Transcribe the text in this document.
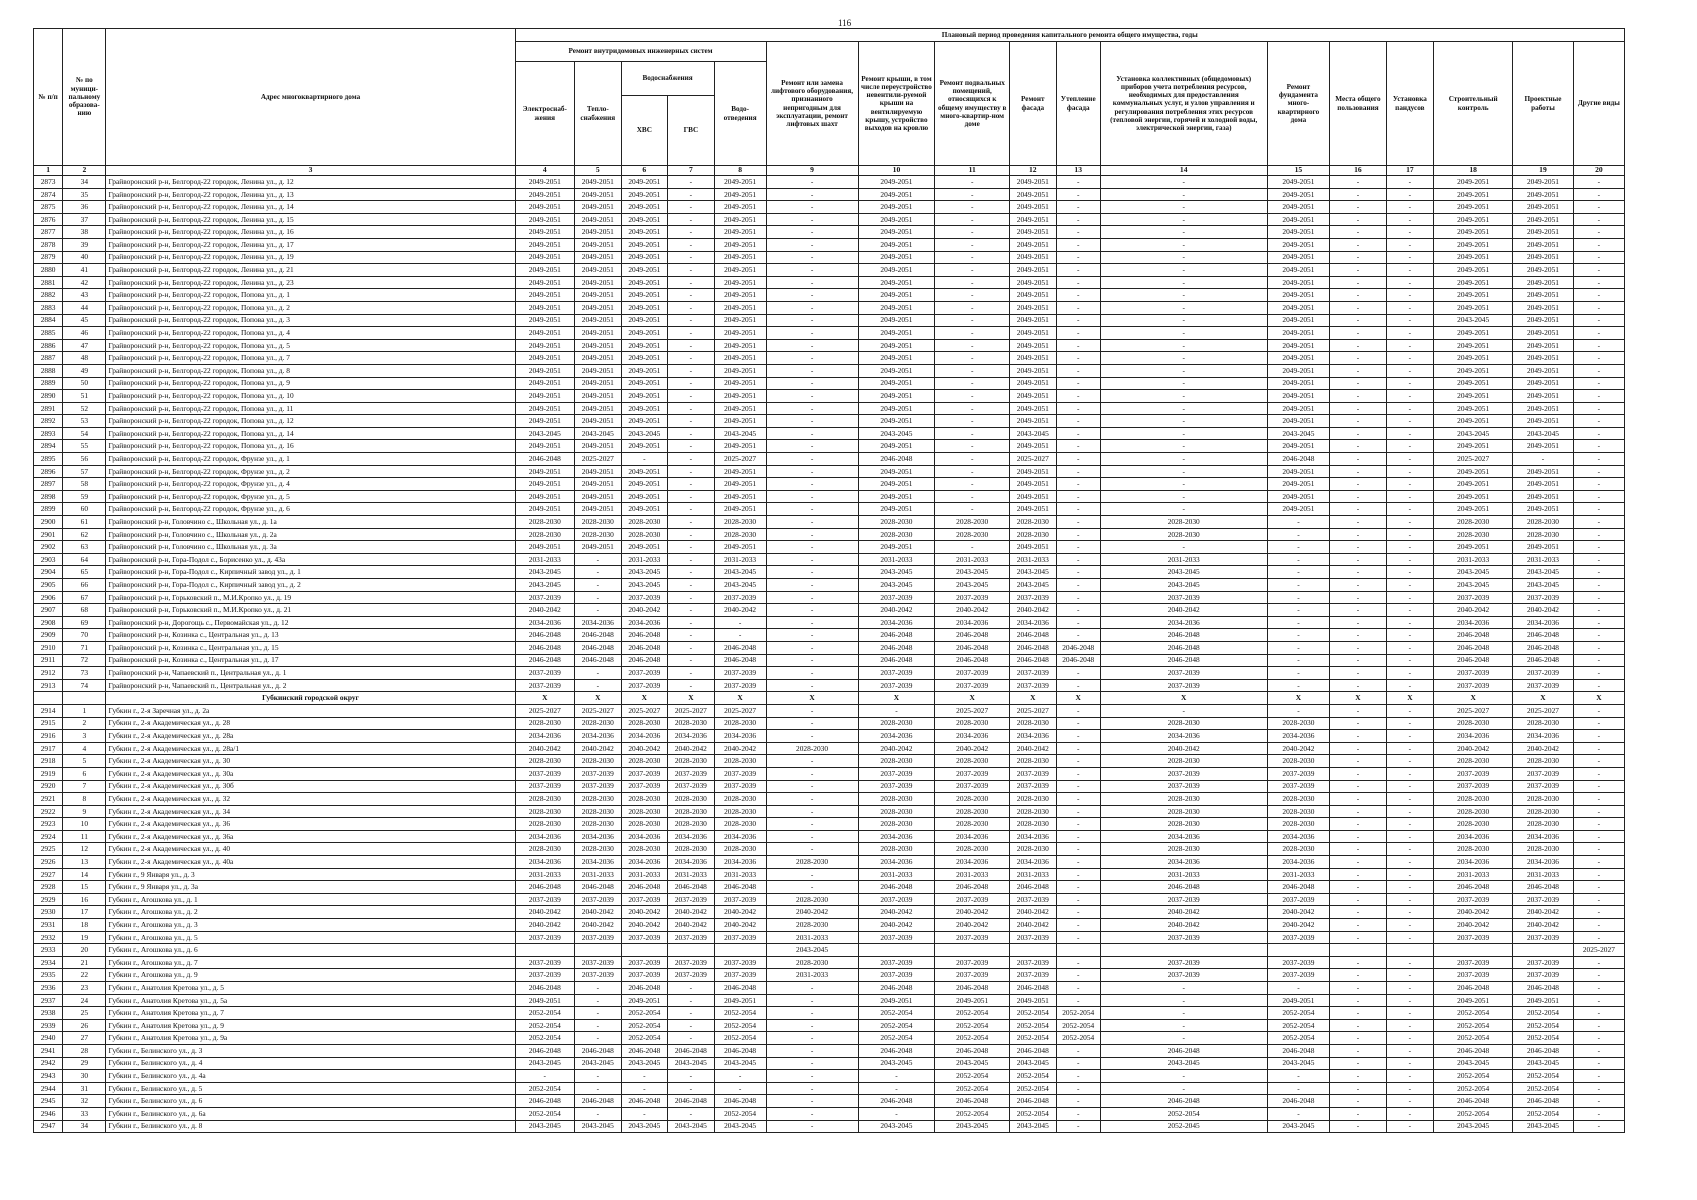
116
№ п/п	№ по муници-пальному образова-нию	Адрес многоквартирного дома	Плановый период проведения капитального ремонта общего имущества, годы																
			Ремонт внутридомовых инженерных систем					Ремонт или замена лифтового оборудования, признанного непригодным для эксплуатации, ремонт лифтовых шахт	Ремонт крыши, в том числе переустройство невентили-руемой крыши на вентилируемую крышу, устройство выходов на кровлю	Ремонт подвальных помещений, относящихся к общему имуществу в много-квартир-ном доме	Ремонт фасада	Утепление фасада	Установка коллективных (общедомовых) приборов учета потребления ресурсов, необходимых для предоставления коммунальных услуг, и узлов управления и регулирования потребления этих ресурсов (тепловой энергии, горячей и холодной воды, электрической энергии, газа)	Ремонт фундамента много-квартирного дома	Места общего пользования	Установка пандусов	Строительный контроль	Проектные работы	Другие виды
			Электроснаб-жения	Тепло-снабжения	Водоснабжения		Водо-отведения												
					ХВС	ГВС													
1	2	3	4	5	6	7	8	9	10	11	12	13	14	15	16	17	18	19	20
2873	34	Грайворонский р-н, Белгород-22 городок, Ленина ул., д. 12	2049-2051	2049-2051	2049-2051	-	2049-2051	-	2049-2051	-	2049-2051	-	-	2049-2051	-	-	2049-2051	2049-2051	-
2874	35	Грайворонский р-н, Белгород-22 городок, Ленина ул., д. 13	2049-2051	2049-2051	2049-2051	-	2049-2051	-	2049-2051	-	2049-2051	-	-	2049-2051	-	-	2049-2051	2049-2051	-
2875	36	Грайворонский р-н, Белгород-22 городок, Ленина ул., д. 14	2049-2051	2049-2051	2049-2051	-	2049-2051	-	2049-2051	-	2049-2051	-	-	2049-2051	-	-	2049-2051	2049-2051	-
2876	37	Грайворонский р-н, Белгород-22 городок, Ленина ул., д. 15	2049-2051	2049-2051	2049-2051	-	2049-2051	-	2049-2051	-	2049-2051	-	-	2049-2051	-	-	2049-2051	2049-2051	-
2877	38	Грайворонский р-н, Белгород-22 городок, Ленина ул., д. 16	2049-2051	2049-2051	2049-2051	-	2049-2051	-	2049-2051	-	2049-2051	-	-	2049-2051	-	-	2049-2051	2049-2051	-
2878	39	Грайворонский р-н, Белгород-22 городок, Ленина ул., д. 17	2049-2051	2049-2051	2049-2051	-	2049-2051	-	2049-2051	-	2049-2051	-	-	2049-2051	-	-	2049-2051	2049-2051	-
2879	40	Грайворонский р-н, Белгород-22 городок, Ленина ул., д. 19	2049-2051	2049-2051	2049-2051	-	2049-2051	-	2049-2051	-	2049-2051	-	-	2049-2051	-	-	2049-2051	2049-2051	-
2880	41	Грайворонский р-н, Белгород-22 городок, Ленина ул., д. 21	2049-2051	2049-2051	2049-2051	-	2049-2051	-	2049-2051	-	2049-2051	-	-	2049-2051	-	-	2049-2051	2049-2051	-
2881	42	Грайворонский р-н, Белгород-22 городок, Ленина ул., д. 23	2049-2051	2049-2051	2049-2051	-	2049-2051	-	2049-2051	-	2049-2051	-	-	2049-2051	-	-	2049-2051	2049-2051	-
2882	43	Грайворонский р-н, Белгород-22 городок, Попова ул., д. 1	2049-2051	2049-2051	2049-2051	-	2049-2051	-	2049-2051	-	2049-2051	-	-	2049-2051	-	-	2049-2051	2049-2051	-
2883	44	Грайворонский р-н, Белгород-22 городок, Попова ул., д. 2	2049-2051	2049-2051	2049-2051	-	2049-2051	-	2049-2051	-	2049-2051	-	-	2049-2051	-	-	2049-2051	2049-2051	-
2884	45	Грайворонский р-н, Белгород-22 городок, Попова ул., д. 3	2049-2051	2049-2051	2049-2051	-	2049-2051	-	2049-2051	-	2049-2051	-	-	2049-2051	-	-	2043-2045	2049-2051	-
2885	46	Грайворонский р-н, Белгород-22 городок, Попова ул., д. 4	2049-2051	2049-2051	2049-2051	-	2049-2051	-	2049-2051	-	2049-2051	-	-	2049-2051	-	-	2049-2051	2049-2051	-
2886	47	Грайворонский р-н, Белгород-22 городок, Попова ул., д. 5	2049-2051	2049-2051	2049-2051	-	2049-2051	-	2049-2051	-	2049-2051	-	-	2049-2051	-	-	2049-2051	2049-2051	-
2887	48	Грайворонский р-н, Белгород-22 городок, Попова ул., д. 7	2049-2051	2049-2051	2049-2051	-	2049-2051	-	2049-2051	-	2049-2051	-	-	2049-2051	-	-	2049-2051	2049-2051	-
2888	49	Грайворонский р-н, Белгород-22 городок, Попова ул., д. 8	2049-2051	2049-2051	2049-2051	-	2049-2051	-	2049-2051	-	2049-2051	-	-	2049-2051	-	-	2049-2051	2049-2051	-
2889	50	Грайворонский р-н, Белгород-22 городок, Попова ул., д. 9	2049-2051	2049-2051	2049-2051	-	2049-2051	-	2049-2051	-	2049-2051	-	-	2049-2051	-	-	2049-2051	2049-2051	-
2890	51	Грайворонский р-н, Белгород-22 городок, Попова ул., д. 10	2049-2051	2049-2051	2049-2051	-	2049-2051	-	2049-2051	-	2049-2051	-	-	2049-2051	-	-	2049-2051	2049-2051	-
2891	52	Грайворонский р-н, Белгород-22 городок, Попова ул., д. 11	2049-2051	2049-2051	2049-2051	-	2049-2051	-	2049-2051	-	2049-2051	-	-	2049-2051	-	-	2049-2051	2049-2051	-
2892	53	Грайворонский р-н, Белгород-22 городок, Попова ул., д. 12	2049-2051	2049-2051	2049-2051	-	2049-2051	-	2049-2051	-	2049-2051	-	-	2049-2051	-	-	2049-2051	2049-2051	-
2893	54	Грайворонский р-н, Белгород-22 городок, Попова ул., д. 14	2043-2045	2043-2045	2043-2045	-	2043-2045	-	2043-2045	-	2043-2045	-	-	2043-2045	-	-	2043-2045	2043-2045	-
2894	55	Грайворонский р-н, Белгород-22 городок, Попова ул., д. 16	2049-2051	2049-2051	2049-2051	-	2049-2051	-	2049-2051	-	2049-2051	-	-	2049-2051	-	-	2049-2051	2049-2051	-
2895	56	Грайворонский р-н, Белгород-22 городок, Фрунзе ул., д. 1	2046-2048	2025-2027	-	-	2025-2027	-	2046-2048	-	2025-2027	-	-	2046-2048	-	-	2025-2027	-	-
2896	57	Грайворонский р-н, Белгород-22 городок, Фрунзе ул., д. 2	2049-2051	2049-2051	2049-2051	-	2049-2051	-	2049-2051	-	2049-2051	-	-	2049-2051	-	-	2049-2051	2049-2051	-
2897	58	Грайворонский р-н, Белгород-22 городок, Фрунзе ул., д. 4	2049-2051	2049-2051	2049-2051	-	2049-2051	-	2049-2051	-	2049-2051	-	-	2049-2051	-	-	2049-2051	2049-2051	-
2898	59	Грайворонский р-н, Белгород-22 городок, Фрунзе ул., д. 5	2049-2051	2049-2051	2049-2051	-	2049-2051	-	2049-2051	-	2049-2051	-	-	2049-2051	-	-	2049-2051	2049-2051	-
2899	60	Грайворонский р-н, Белгород-22 городок, Фрунзе ул., д. 6	2049-2051	2049-2051	2049-2051	-	2049-2051	-	2049-2051	-	2049-2051	-	-	2049-2051	-	-	2049-2051	2049-2051	-
2900	61	Грайворонский р-н, Головчино с., Школьная ул., д. 1а	2028-2030	2028-2030	2028-2030	-	2028-2030	-	2028-2030	2028-2030	2028-2030	-	2028-2030	-	-	-	2028-2030	2028-2030	-
2901	62	Грайворонский р-н, Головчино с., Школьная ул., д. 2а	2028-2030	2028-2030	2028-2030	-	2028-2030	-	2028-2030	2028-2030	2028-2030	-	2028-2030	-	-	-	2028-2030	2028-2030	-
2902	63	Грайворонский р-н, Головчино с., Школьная ул., д. 3а	2049-2051	2049-2051	2049-2051	-	2049-2051	-	2049-2051	-	2049-2051	-	-	-	-	-	2049-2051	2049-2051	-
2903	64	Грайворонский р-н, Гора-Подол с., Борисенко ул., д. 43а	2031-2033	-	2031-2033	-	2031-2033	-	2031-2033	2031-2033	2031-2033	-	2031-2033	-	-	-	2031-2033	2031-2033	-
2904	65	Грайворонский р-н, Гора-Подол с., Кирпичный завод ул., д. 1	2043-2045	-	2043-2045	-	2043-2045	-	2043-2045	2043-2045	2043-2045	-	2043-2045	-	-	-	2043-2045	2043-2045	-
2905	66	Грайворонский р-н, Гора-Подол с., Кирпичный завод ул., д. 2	2043-2045	-	2043-2045	-	2043-2045	-	2043-2045	2043-2045	2043-2045	-	2043-2045	-	-	-	2043-2045	2043-2045	-
2906	67	Грайворонский р-н, Горьковский п., М.И.Кропко ул., д. 19	2037-2039	-	2037-2039	-	2037-2039	-	2037-2039	2037-2039	2037-2039	-	2037-2039	-	-	-	2037-2039	2037-2039	-
2907	68	Грайворонский р-н, Горьковский п., М.И.Кропко ул., д. 21	2040-2042	-	2040-2042	-	2040-2042	-	2040-2042	2040-2042	2040-2042	-	2040-2042	-	-	-	2040-2042	2040-2042	-
2908	69	Грайворонский р-н, Дорогощь с., Первомайская ул., д. 12	2034-2036	2034-2036	2034-2036	-	-	-	2034-2036	2034-2036	2034-2036	-	2034-2036	-	-	-	2034-2036	2034-2036	-
2909	70	Грайворонский р-н, Козинка с., Центральная ул., д. 13	2046-2048	2046-2048	2046-2048	-	-	-	2046-2048	2046-2048	2046-2048	-	2046-2048	-	-	-	2046-2048	2046-2048	-
2910	71	Грайворонский р-н, Козинка с., Центральная ул., д. 15	2046-2048	2046-2048	2046-2048	-	2046-2048	-	2046-2048	2046-2048	2046-2048	2046-2048	2046-2048	-	-	-	2046-2048	2046-2048	-
2911	72	Грайворонский р-н, Козинка с., Центральная ул., д. 17	2046-2048	2046-2048	2046-2048	-	2046-2048	-	2046-2048	2046-2048	2046-2048	2046-2048	2046-2048	-	-	-	2046-2048	2046-2048	-
2912	73	Грайворонский р-н, Чапаевский п., Центральная ул., д. 1	2037-2039	-	2037-2039	-	2037-2039	-	2037-2039	2037-2039	2037-2039	-	2037-2039	-	-	-	2037-2039	2037-2039	-
2913	74	Грайворонский р-н, Чапаевский п., Центральная ул., д. 2	2037-2039	-	2037-2039	-	2037-2039	-	2037-2039	2037-2039	2037-2039	-	2037-2039	-	-	-	2037-2039	2037-2039	-
		Губкинский городской округ	X	X	X	X	X	X	X	X	X	X	X	X	X	X	X	X	X
2914	1	Губкин г., 2-я Заречная ул., д. 2а	2025-2027	2025-2027	2025-2027	2025-2027	2025-2027	-	-	2025-2027	2025-2027	-	-	-	-	-	2025-2027	2025-2027	-
2915	2	Губкин г., 2-я Академическая ул., д. 28	2028-2030	2028-2030	2028-2030	2028-2030	2028-2030	-	2028-2030	2028-2030	2028-2030	-	2028-2030	2028-2030	-	-	2028-2030	2028-2030	-
2916	3	Губкин г., 2-я Академическая ул., д. 28а	2034-2036	2034-2036	2034-2036	2034-2036	2034-2036	-	2034-2036	2034-2036	2034-2036	-	2034-2036	2034-2036	-	-	2034-2036	2034-2036	-
2917	4	Губкин г., 2-я Академическая ул., д. 28а/1	2040-2042	2040-2042	2040-2042	2040-2042	2040-2042	2028-2030	2040-2042	2040-2042	2040-2042	-	2040-2042	2040-2042	-	-	2040-2042	2040-2042	-
2918	5	Губкин г., 2-я Академическая ул., д. 30	2028-2030	2028-2030	2028-2030	2028-2030	2028-2030	-	2028-2030	2028-2030	2028-2030	-	2028-2030	2028-2030	-	-	2028-2030	2028-2030	-
2919	6	Губкин г., 2-я Академическая ул., д. 30а	2037-2039	2037-2039	2037-2039	2037-2039	2037-2039	-	2037-2039	2037-2039	2037-2039	-	2037-2039	2037-2039	-	-	2037-2039	2037-2039	-
2920	7	Губкин г., 2-я Академическая ул., д. 30б	2037-2039	2037-2039	2037-2039	2037-2039	2037-2039	-	2037-2039	2037-2039	2037-2039	-	2037-2039	2037-2039	-	-	2037-2039	2037-2039	-
2921	8	Губкин г., 2-я Академическая ул., д. 32	2028-2030	2028-2030	2028-2030	2028-2030	2028-2030	-	2028-2030	2028-2030	2028-2030	-	2028-2030	2028-2030	-	-	2028-2030	2028-2030	-
2922	9	Губкин г., 2-я Академическая ул., д. 34	2028-2030	2028-2030	2028-2030	2028-2030	2028-2030	-	2028-2030	2028-2030	2028-2030	-	2028-2030	2028-2030	-	-	2028-2030	2028-2030	-
2923	10	Губкин г., 2-я Академическая ул., д. 36	2028-2030	2028-2030	2028-2030	2028-2030	2028-2030	-	2028-2030	2028-2030	2028-2030	-	2028-2030	2028-2030	-	-	2028-2030	2028-2030	-
2924	11	Губкин г., 2-я Академическая ул., д. 36а	2034-2036	2034-2036	2034-2036	2034-2036	2034-2036	-	2034-2036	2034-2036	2034-2036	-	2034-2036	2034-2036	-	-	2034-2036	2034-2036	-
2925	12	Губкин г., 2-я Академическая ул., д. 40	2028-2030	2028-2030	2028-2030	2028-2030	2028-2030	-	2028-2030	2028-2030	2028-2030	-	2028-2030	2028-2030	-	-	2028-2030	2028-2030	-
2926	13	Губкин г., 2-я Академическая ул., д. 40а	2034-2036	2034-2036	2034-2036	2034-2036	2034-2036	2028-2030	2034-2036	2034-2036	2034-2036	-	2034-2036	2034-2036	-	-	2034-2036	2034-2036	-
2927	14	Губкин г., 9 Января ул., д. 3	2031-2033	2031-2033	2031-2033	2031-2033	2031-2033	-	2031-2033	2031-2033	2031-2033	-	2031-2033	2031-2033	-	-	2031-2033	2031-2033	-
2928	15	Губкин г., 9 Января ул., д. 3а	2046-2048	2046-2048	2046-2048	2046-2048	2046-2048	-	2046-2048	2046-2048	2046-2048	-	2046-2048	2046-2048	-	-	2046-2048	2046-2048	-
2929	16	Губкин г., Агошкова ул., д. 1	2037-2039	2037-2039	2037-2039	2037-2039	2037-2039	2028-2030	2037-2039	2037-2039	2037-2039	-	2037-2039	2037-2039	-	-	2037-2039	2037-2039	-
2930	17	Губкин г., Агошкова ул., д. 2	2040-2042	2040-2042	2040-2042	2040-2042	2040-2042	2040-2042	2040-2042	2040-2042	2040-2042	-	2040-2042	2040-2042	-	-	2040-2042	2040-2042	-
2931	18	Губкин г., Агошкова ул., д. 3	2040-2042	2040-2042	2040-2042	2040-2042	2040-2042	2028-2030	2040-2042	2040-2042	2040-2042	-	2040-2042	2040-2042	-	-	2040-2042	2040-2042	-
2932	19	Губкин г., Агошкова ул., д. 5	2037-2039	2037-2039	2037-2039	2037-2039	2037-2039	2031-2033	2037-2039	2037-2039	2037-2039	-	2037-2039	2037-2039	-	-	2037-2039	2037-2039	-
2933	20	Губкин г., Агошкова ул., д. 6						2043-2045											2025-2027
2934	21	Губкин г., Агошкова ул., д. 7	2037-2039	2037-2039	2037-2039	2037-2039	2037-2039	2028-2030	2037-2039	2037-2039	2037-2039	-	2037-2039	2037-2039	-	-	2037-2039	2037-2039	-
2935	22	Губкин г., Агошкова ул., д. 9	2037-2039	2037-2039	2037-2039	2037-2039	2037-2039	2031-2033	2037-2039	2037-2039	2037-2039	-	2037-2039	2037-2039	-	-	2037-2039	2037-2039	-
2936	23	Губкин г., Анатолия Кретова ул., д. 5	2046-2048	-	2046-2048	-	2046-2048	-	2046-2048	2046-2048	2046-2048	-	-	-	-	-	2046-2048	2046-2048	-
2937	24	Губкин г., Анатолия Кретова ул., д. 5а	2049-2051	-	2049-2051	-	2049-2051	-	2049-2051	2049-2051	2049-2051	-	-	2049-2051	-	-	2049-2051	2049-2051	-
2938	25	Губкин г., Анатолия Кретова ул., д. 7	2052-2054	-	2052-2054	-	2052-2054	-	2052-2054	2052-2054	2052-2054	2052-2054	-	2052-2054	-	-	2052-2054	2052-2054	-
2939	26	Губкин г., Анатолия Кретова ул., д. 9	2052-2054	-	2052-2054	-	2052-2054	-	2052-2054	2052-2054	2052-2054	2052-2054	-	2052-2054	-	-	2052-2054	2052-2054	-
2940	27	Губкин г., Анатолия Кретова ул., д. 9а	2052-2054	-	2052-2054	-	2052-2054	-	2052-2054	2052-2054	2052-2054	2052-2054	-	2052-2054	-	-	2052-2054	2052-2054	-
2941	28	Губкин г., Белинского ул., д. 3	2046-2048	2046-2048	2046-2048	2046-2048	2046-2048	-	2046-2048	2046-2048	2046-2048	-	2046-2048	2046-2048	-	-	2046-2048	2046-2048	-
2942	29	Губкин г., Белинского ул., д. 4	2043-2045	2043-2045	2043-2045	2043-2045	2043-2045	-	2043-2045	2043-2045	2043-2045	-	2043-2045	2043-2045	-	-	2043-2045	2043-2045	-
2943	30	Губкин г., Белинского ул., д. 4а	-	-	-	-	-	-	-	2052-2054	2052-2054	-	-	-	-	-	2052-2054	2052-2054	-
2944	31	Губкин г., Белинского ул., д. 5	2052-2054	-	-	-	-	-	-	2052-2054	2052-2054	-	-	-	-	-	2052-2054	2052-2054	-
2945	32	Губкин г., Белинского ул., д. 6	2046-2048	2046-2048	2046-2048	2046-2048	2046-2048	-	2046-2048	2046-2048	2046-2048	-	2046-2048	2046-2048	-	-	2046-2048	2046-2048	-
2946	33	Губкин г., Белинского ул., д. 6а	2052-2054	-	-	-	2052-2054	-	-	2052-2054	2052-2054	-	2052-2054	-	-	-	2052-2054	2052-2054	-
2947	34	Губкин г., Белинского ул., д. 8	2043-2045	2043-2045	2043-2045	2043-2045	2043-2045	-	2043-2045	2043-2045	2043-2045	-	2052-2045	2043-2045	-	-	2043-2045	2043-2045	-
